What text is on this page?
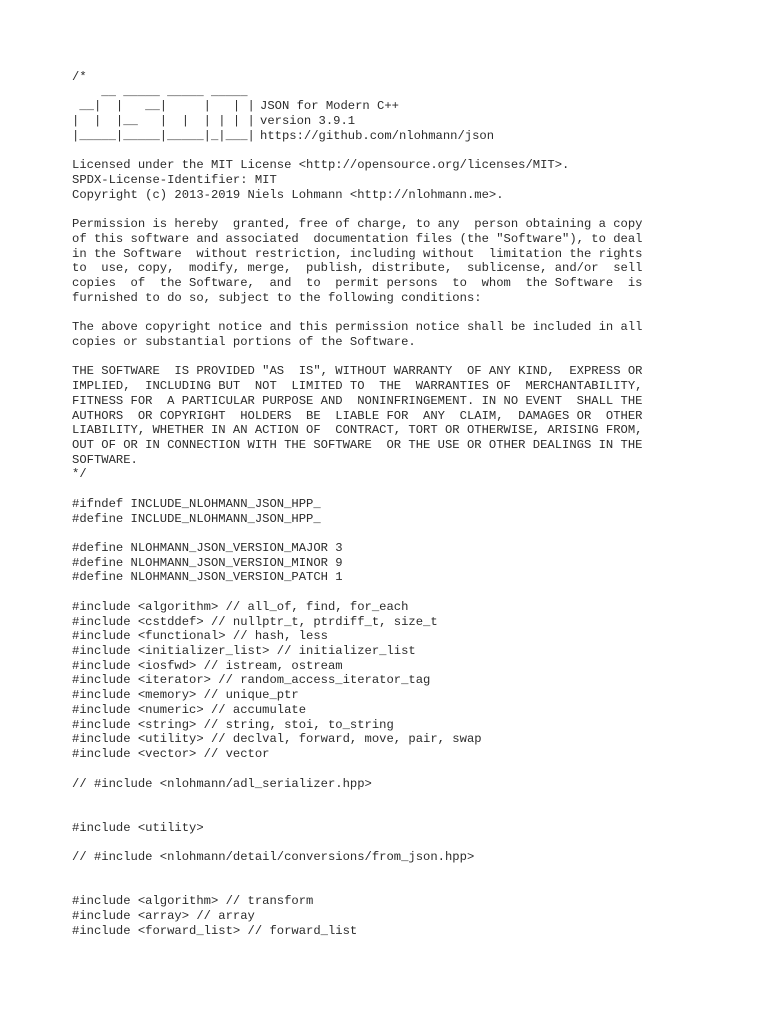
/*
__ _____ _____ _____
__|  |   __|     |   | | JSON for Modern C++
|  |  |__   |  |  | | | | version 3.9.1
|_____|_____|_____|_|___| https://github.com/nlohmann/json
Licensed under the MIT License <http://opensource.org/licenses/MIT>.
SPDX-License-Identifier: MIT
Copyright (c) 2013-2019 Niels Lohmann <http://nlohmann.me>.
Permission is hereby  granted, free of charge, to any  person obtaining a copy
of this software and associated  documentation files (the "Software"), to deal
in the Software  without restriction, including without  limitation the rights
to  use, copy,  modify, merge,  publish, distribute,  sublicense, and/or  sell
copies  of  the Software,  and  to  permit persons  to  whom  the Software  is
furnished to do so, subject to the following conditions:
The above copyright notice and this permission notice shall be included in all
copies or substantial portions of the Software.
THE SOFTWARE  IS PROVIDED "AS  IS", WITHOUT WARRANTY  OF ANY KIND,  EXPRESS OR
IMPLIED,  INCLUDING BUT  NOT  LIMITED TO  THE  WARRANTIES OF  MERCHANTABILITY,
FITNESS FOR  A PARTICULAR PURPOSE AND  NONINFRINGEMENT. IN NO EVENT  SHALL THE
AUTHORS  OR COPYRIGHT  HOLDERS  BE  LIABLE FOR  ANY  CLAIM,  DAMAGES OR  OTHER
LIABILITY, WHETHER IN AN ACTION OF  CONTRACT, TORT OR OTHERWISE, ARISING FROM,
OUT OF OR IN CONNECTION WITH THE SOFTWARE  OR THE USE OR OTHER DEALINGS IN THE
SOFTWARE.
*/
#ifndef INCLUDE_NLOHMANN_JSON_HPP_
#define INCLUDE_NLOHMANN_JSON_HPP_
#define NLOHMANN_JSON_VERSION_MAJOR 3
#define NLOHMANN_JSON_VERSION_MINOR 9
#define NLOHMANN_JSON_VERSION_PATCH 1
#include <algorithm> // all_of, find, for_each
#include <cstddef> // nullptr_t, ptrdiff_t, size_t
#include <functional> // hash, less
#include <initializer_list> // initializer_list
#include <iosfwd> // istream, ostream
#include <iterator> // random_access_iterator_tag
#include <memory> // unique_ptr
#include <numeric> // accumulate
#include <string> // string, stoi, to_string
#include <utility> // declval, forward, move, pair, swap
#include <vector> // vector
// #include <nlohmann/adl_serializer.hpp>
#include <utility>
// #include <nlohmann/detail/conversions/from_json.hpp>
#include <algorithm> // transform
#include <array> // array
#include <forward_list> // forward_list
